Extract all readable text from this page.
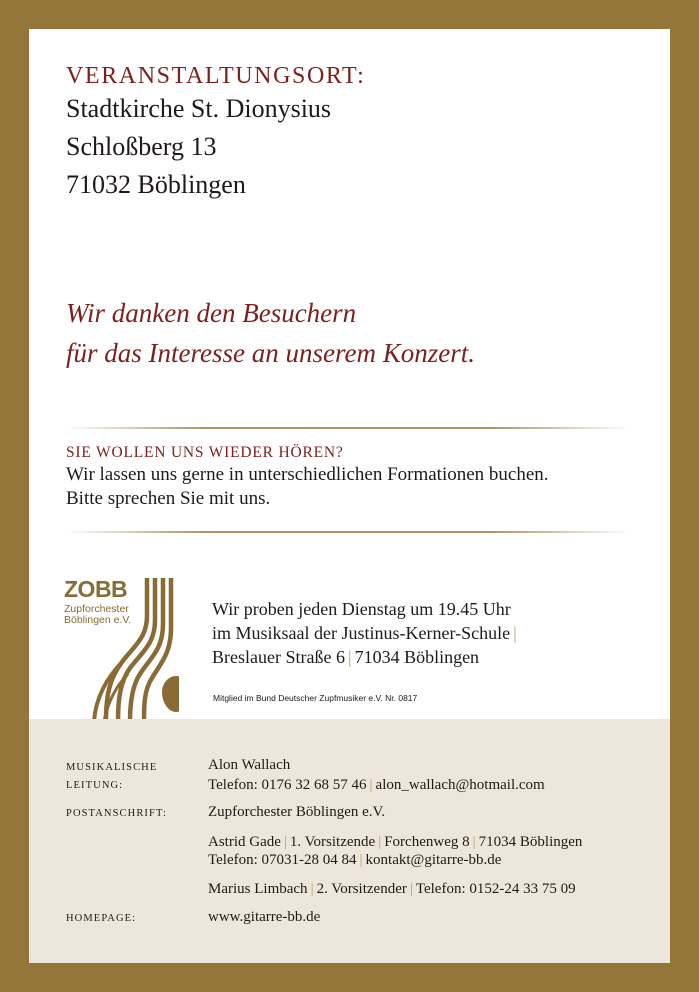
VERANSTALTUNGSORT:
Stadtkirche St. Dionysius
Schloßberg 13
71032 Böblingen
Wir danken den Besuchern
für das Interesse an unserem Konzert.
SIE WOLLEN UNS WIEDER HÖREN?
Wir lassen uns gerne in unterschiedlichen Formationen buchen.
Bitte sprechen Sie mit uns.
ZOBB
Zupforchester
Böblingen e.V.
Wir proben jeden Dienstag um 19.45 Uhr
im Musiksaal der Justinus-Kerner-Schule |
Breslauer Straße 6 | 71034 Böblingen
Mitglied im Bund Deutscher Zupfmusiker e.V. Nr. 0817
MUSIKALISCHE
LEITUNG:
Alon Wallach
Telefon: 0176 32 68 57 46 | alon_wallach@hotmail.com
POSTANSCHRIFT:	Zupforchester Böblingen e.V.
Astrid Gade | 1. Vorsitzende | Forchenweg 8 | 71034 Böblingen
Telefon: 07031-28 04 84 | kontakt@gitarre-bb.de
Marius Limbach | 2. Vorsitzender | Telefon: 0152-24 33 75 09
HOMEPAGE:	www.gitarre-bb.de
